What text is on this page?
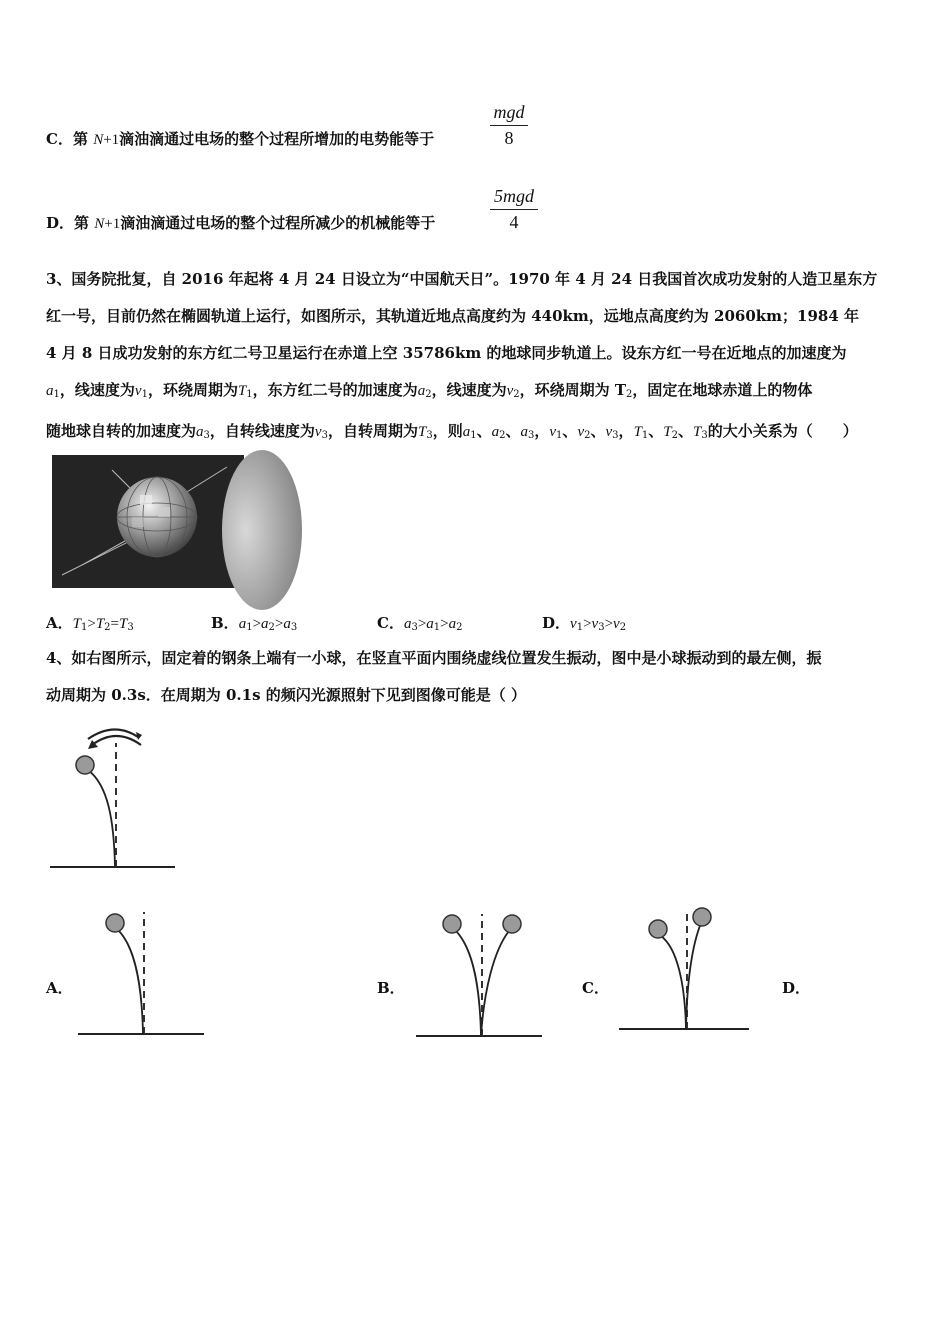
C．第 N+1滴油滴通过电场的整个过程所增加的电势能等于
mgd
8
D．第 N+1滴油滴通过电场的整个过程所减少的机械能等于
5mgd
4
3、国务院批复，自 2016 年起将 4 月 24 日设立为“中国航天日”。1970 年 4 月 24 日我国首次成功发射的人造卫星东方
红一号，目前仍然在椭圆轨道上运行，如图所示，其轨道近地点高度约为 440km，远地点高度约为 2060km；1984 年
4 月 8 日成功发射的东方红二号卫星运行在赤道上空 35786km 的地球同步轨道上。设东方红一号在近地点的加速度为
$a_1$，线速度为$v_1$，环绕周期为$T_1$，东方红二号的加速度为$a_2$，线速度为$v_2$，环绕周期为 $T_2$，固定在地球赤道上的物体
随地球自转的加速度为$a_3$，自转线速度为$v_3$，自转周期为$T_3$，则$a_1$、$a_2$、$a_3$，$v_1$、$v_2$、$v_3$，$T_1$、$T_2$、$T_3$的大小关系为（　　）
A．$T_1>T_2=T_3$	B．$a_1>a_2>a_3$	C．$a_3>a_1>a_2$	D．$v_1>v_3>v_2$
4、如右图所示，固定着的钢条上端有一小球，在竖直平面内围绕虚线位置发生振动，图中是小球振动到的最左侧，振
动周期为 0.3s．在周期为 0.1s 的频闪光源照射下见到图像可能是（ ）
A．	B．	C．	D．
